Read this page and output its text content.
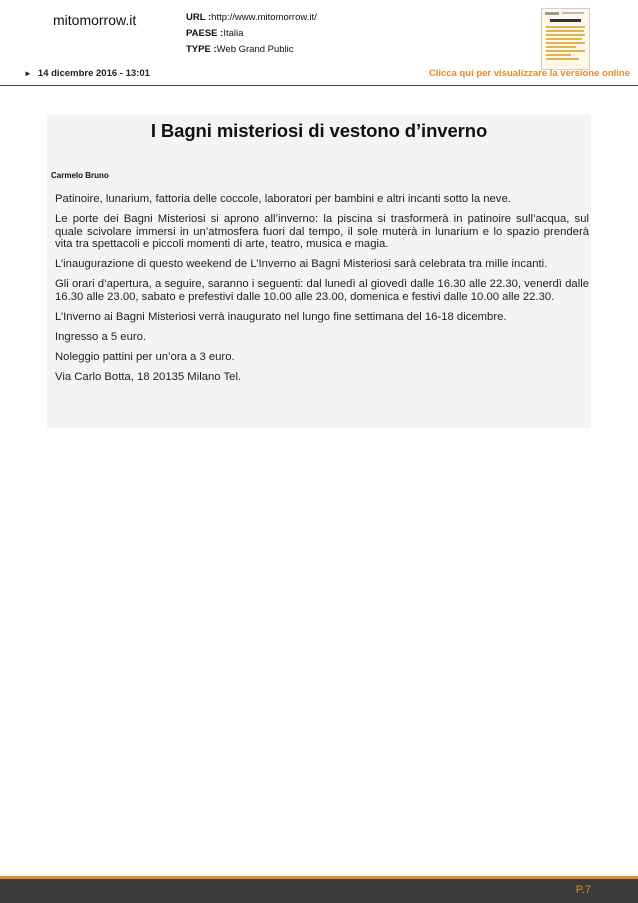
mitomorrow.it	URL :http://www.mitomorrow.it/
PAESE :Italia
TYPE :Web Grand Public
► 14 dicembre 2016 - 13:01	Clicca qui per visualizzare la versione online
I Bagni misteriosi di vestono d’inverno
Carmelo Bruno

Patinoire, lunarium, fattoria delle coccole, laboratori per bambini e altri incanti sotto la neve.

Le porte dei Bagni Misteriosi si aprono all’inverno: la piscina si trasformerà in patinoire sull’acqua, sul quale scivolare immersi in un’atmosfera fuori dal tempo, il sole muterà in lunarium e lo spazio prenderà vita tra spettacoli e piccoli momenti di arte, teatro, musica e magia.

L’inaugurazione di questo weekend de L’Inverno ai Bagni Misteriosi sarà celebrata tra mille incanti.

Gli orari d’apertura, a seguire, saranno i seguenti: dal lunedì al giovedì dalle 16.30 alle 22.30, venerdì dalle 16.30 alle 23.00, sabato e prefestivi dalle 10.00 alle 23.00, domenica e festivi dalle 10.00 alle 22.30.

L’Inverno ai Bagni Misteriosi verrà inaugurato nel lungo fine settimana del 16-18 dicembre.

Ingresso a 5 euro.

Noleggio pattini per un’ora a 3 euro.

Via Carlo Botta, 18 20135 Milano Tel.

P.7
